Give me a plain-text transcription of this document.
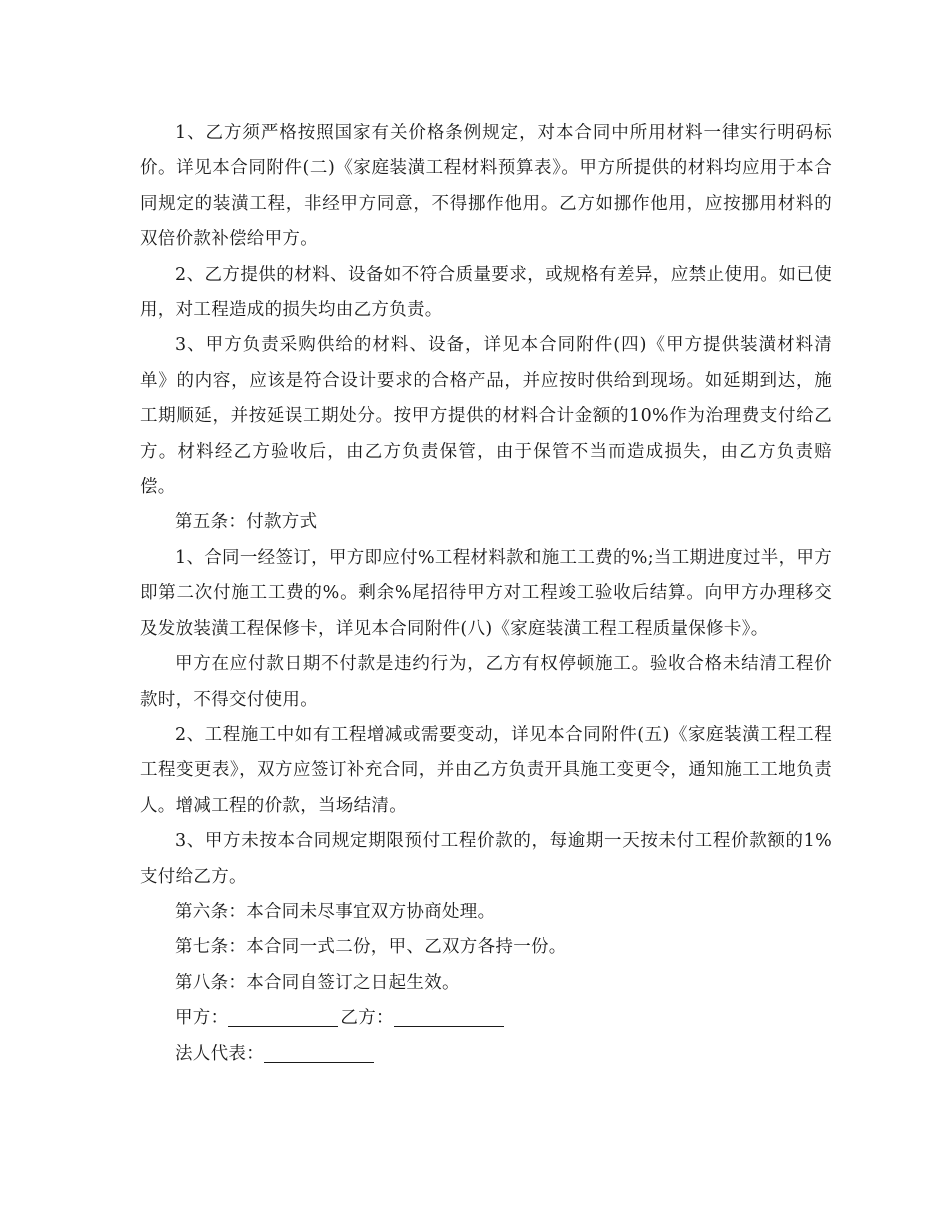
1、乙方须严格按照国家有关价格条例规定，对本合同中所用材料一律实行明码标价。详见本合同附件(二)《家庭装潢工程材料预算表》。甲方所提供的材料均应用于本合同规定的装潢工程，非经甲方同意，不得挪作他用。乙方如挪作他用，应按挪用材料的双倍价款补偿给甲方。

2、乙方提供的材料、设备如不符合质量要求，或规格有差异，应禁止使用。如已使用，对工程造成的损失均由乙方负责。

3、甲方负责采购供给的材料、设备，详见本合同附件(四)《甲方提供装潢材料清单》的内容，应该是符合设计要求的合格产品，并应按时供给到现场。如延期到达，施工期顺延，并按延误工期处分。按甲方提供的材料合计金额的10%作为治理费支付给乙方。材料经乙方验收后，由乙方负责保管，由于保管不当而造成损失，由乙方负责赔偿。

第五条：付款方式

1、合同一经签订，甲方即应付%工程材料款和施工工费的%;当工期进度过半，甲方即第二次付施工工费的%。剩余%尾招待甲方对工程竣工验收后结算。向甲方办理移交及发放装潢工程保修卡，详见本合同附件(八)《家庭装潢工程工程质量保修卡》。

甲方在应付款日期不付款是违约行为，乙方有权停顿施工。验收合格未结清工程价款时，不得交付使用。

2、工程施工中如有工程增减或需要变动，详见本合同附件(五)《家庭装潢工程工程工程变更表》，双方应签订补充合同，并由乙方负责开具施工变更令，通知施工工地负责人。增减工程的价款，当场结清。

3、甲方未按本合同规定期限预付工程价款的，每逾期一天按未付工程价款额的1%支付给乙方。

第六条：本合同未尽事宜双方协商处理。

第七条：本合同一式二份，甲、乙双方各持一份。

第八条：本合同自签订之日起生效。

甲方：	乙方：
法人代表：
